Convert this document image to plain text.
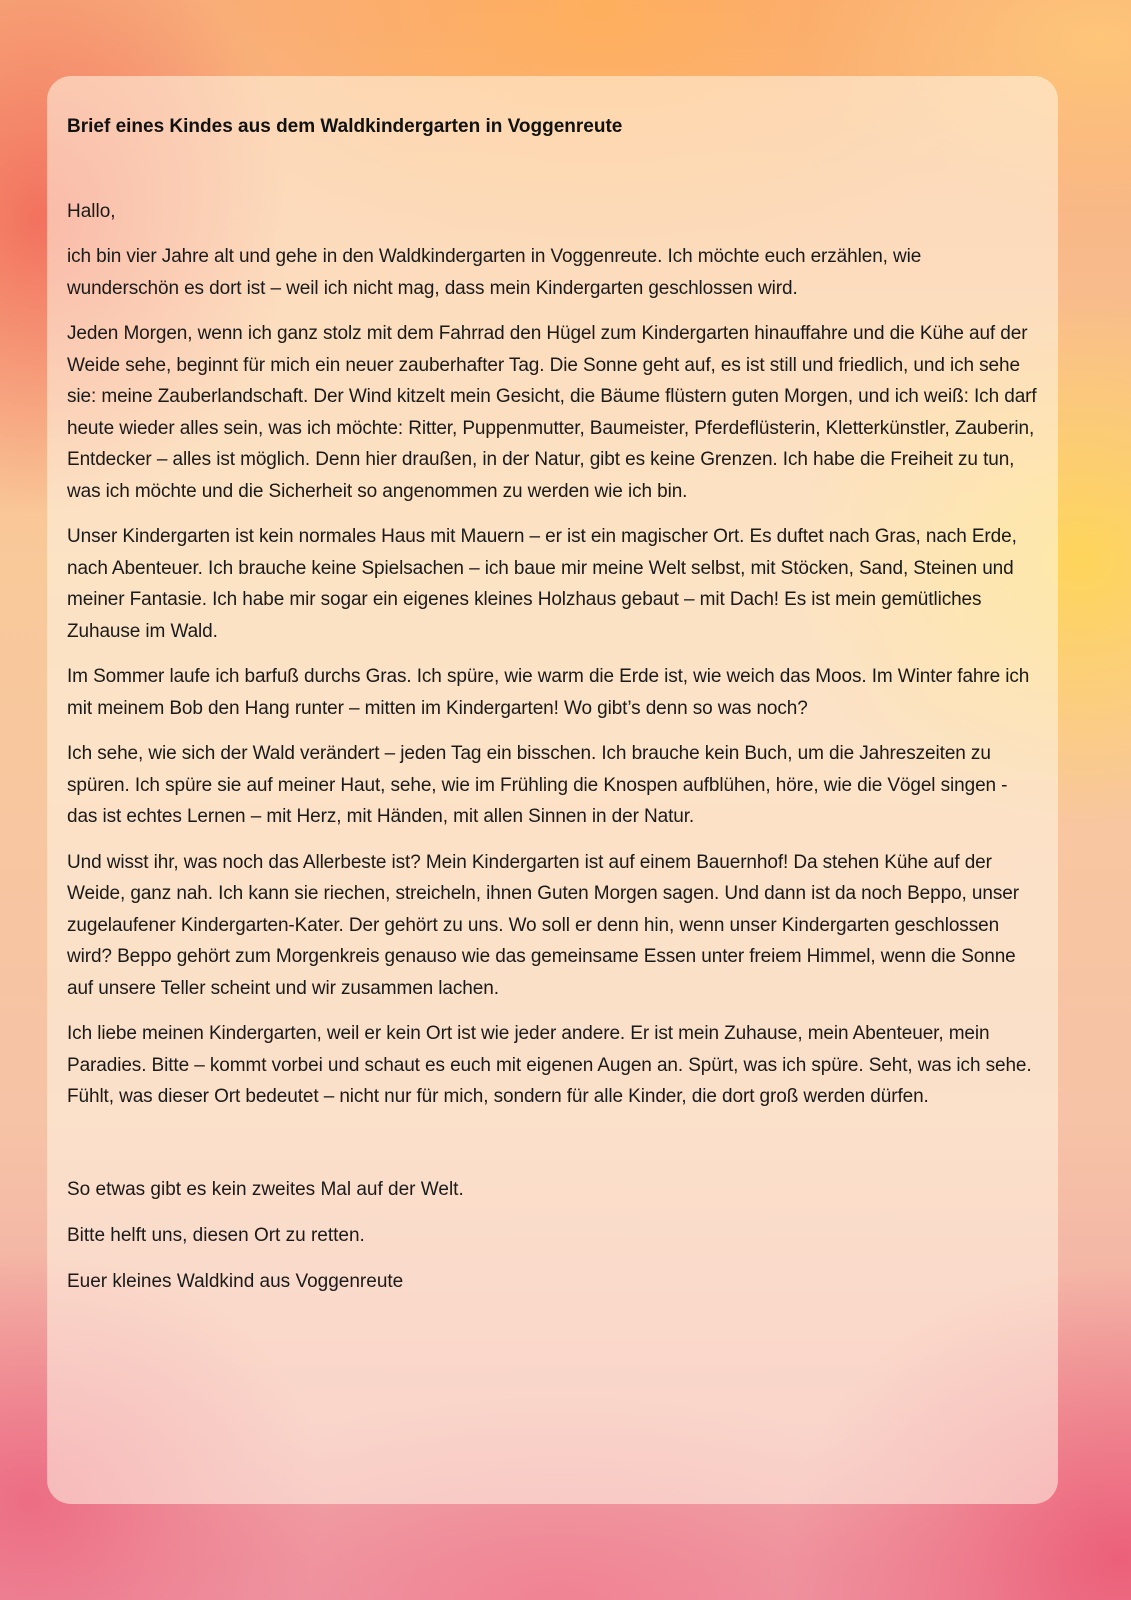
Brief eines Kindes aus dem Waldkindergarten in Voggenreute
Hallo,

ich bin vier Jahre alt und gehe in den Waldkindergarten in Voggenreute. Ich möchte euch erzählen, wie wunderschön es dort ist – weil ich nicht mag, dass mein Kindergarten geschlossen wird.

Jeden Morgen, wenn ich ganz stolz mit dem Fahrrad den Hügel zum Kindergarten hinauffahre und die Kühe auf der Weide sehe, beginnt für mich ein neuer zauberhafter Tag. Die Sonne geht auf, es ist still und friedlich, und ich sehe sie: meine Zauberlandschaft. Der Wind kitzelt mein Gesicht, die Bäume flüstern guten Morgen, und ich weiß: Ich darf heute wieder alles sein, was ich möchte: Ritter, Puppenmutter, Baumeister, Pferdeflüsterin, Kletterkünstler, Zauberin, Entdecker – alles ist möglich. Denn hier draußen, in der Natur, gibt es keine Grenzen. Ich habe die Freiheit zu tun, was ich möchte und die Sicherheit so angenommen zu werden wie ich bin.

Unser Kindergarten ist kein normales Haus mit Mauern – er ist ein magischer Ort. Es duftet nach Gras, nach Erde, nach Abenteuer. Ich brauche keine Spielsachen – ich baue mir meine Welt selbst, mit Stöcken, Sand, Steinen und meiner Fantasie. Ich habe mir sogar ein eigenes kleines Holzhaus gebaut – mit Dach! Es ist mein gemütliches Zuhause im Wald.

Im Sommer laufe ich barfuß durchs Gras. Ich spüre, wie warm die Erde ist, wie weich das Moos. Im Winter fahre ich mit meinem Bob den Hang runter – mitten im Kindergarten! Wo gibt’s denn so was noch?

Ich sehe, wie sich der Wald verändert – jeden Tag ein bisschen. Ich brauche kein Buch, um die Jahreszeiten zu spüren. Ich spüre sie auf meiner Haut, sehe, wie im Frühling die Knospen aufblühen, höre, wie die Vögel singen - das ist echtes Lernen – mit Herz, mit Händen, mit allen Sinnen in der Natur.

Und wisst ihr, was noch das Allerbeste ist? Mein Kindergarten ist auf einem Bauernhof! Da stehen Kühe auf der Weide, ganz nah. Ich kann sie riechen, streicheln, ihnen Guten Morgen sagen. Und dann ist da noch Beppo, unser zugelaufener Kindergarten-Kater. Der gehört zu uns. Wo soll er denn hin, wenn unser Kindergarten geschlossen wird? Beppo gehört zum Morgenkreis genauso wie das gemeinsame Essen unter freiem Himmel, wenn die Sonne auf unsere Teller scheint und wir zusammen lachen.

Ich liebe meinen Kindergarten, weil er kein Ort ist wie jeder andere. Er ist mein Zuhause, mein Abenteuer, mein Paradies. Bitte – kommt vorbei und schaut es euch mit eigenen Augen an. Spürt, was ich spüre. Seht, was ich sehe. Fühlt, was dieser Ort bedeutet – nicht nur für mich, sondern für alle Kinder, die dort groß werden dürfen.

So etwas gibt es kein zweites Mal auf der Welt.

Bitte helft uns, diesen Ort zu retten.

Euer kleines Waldkind aus Voggenreute
